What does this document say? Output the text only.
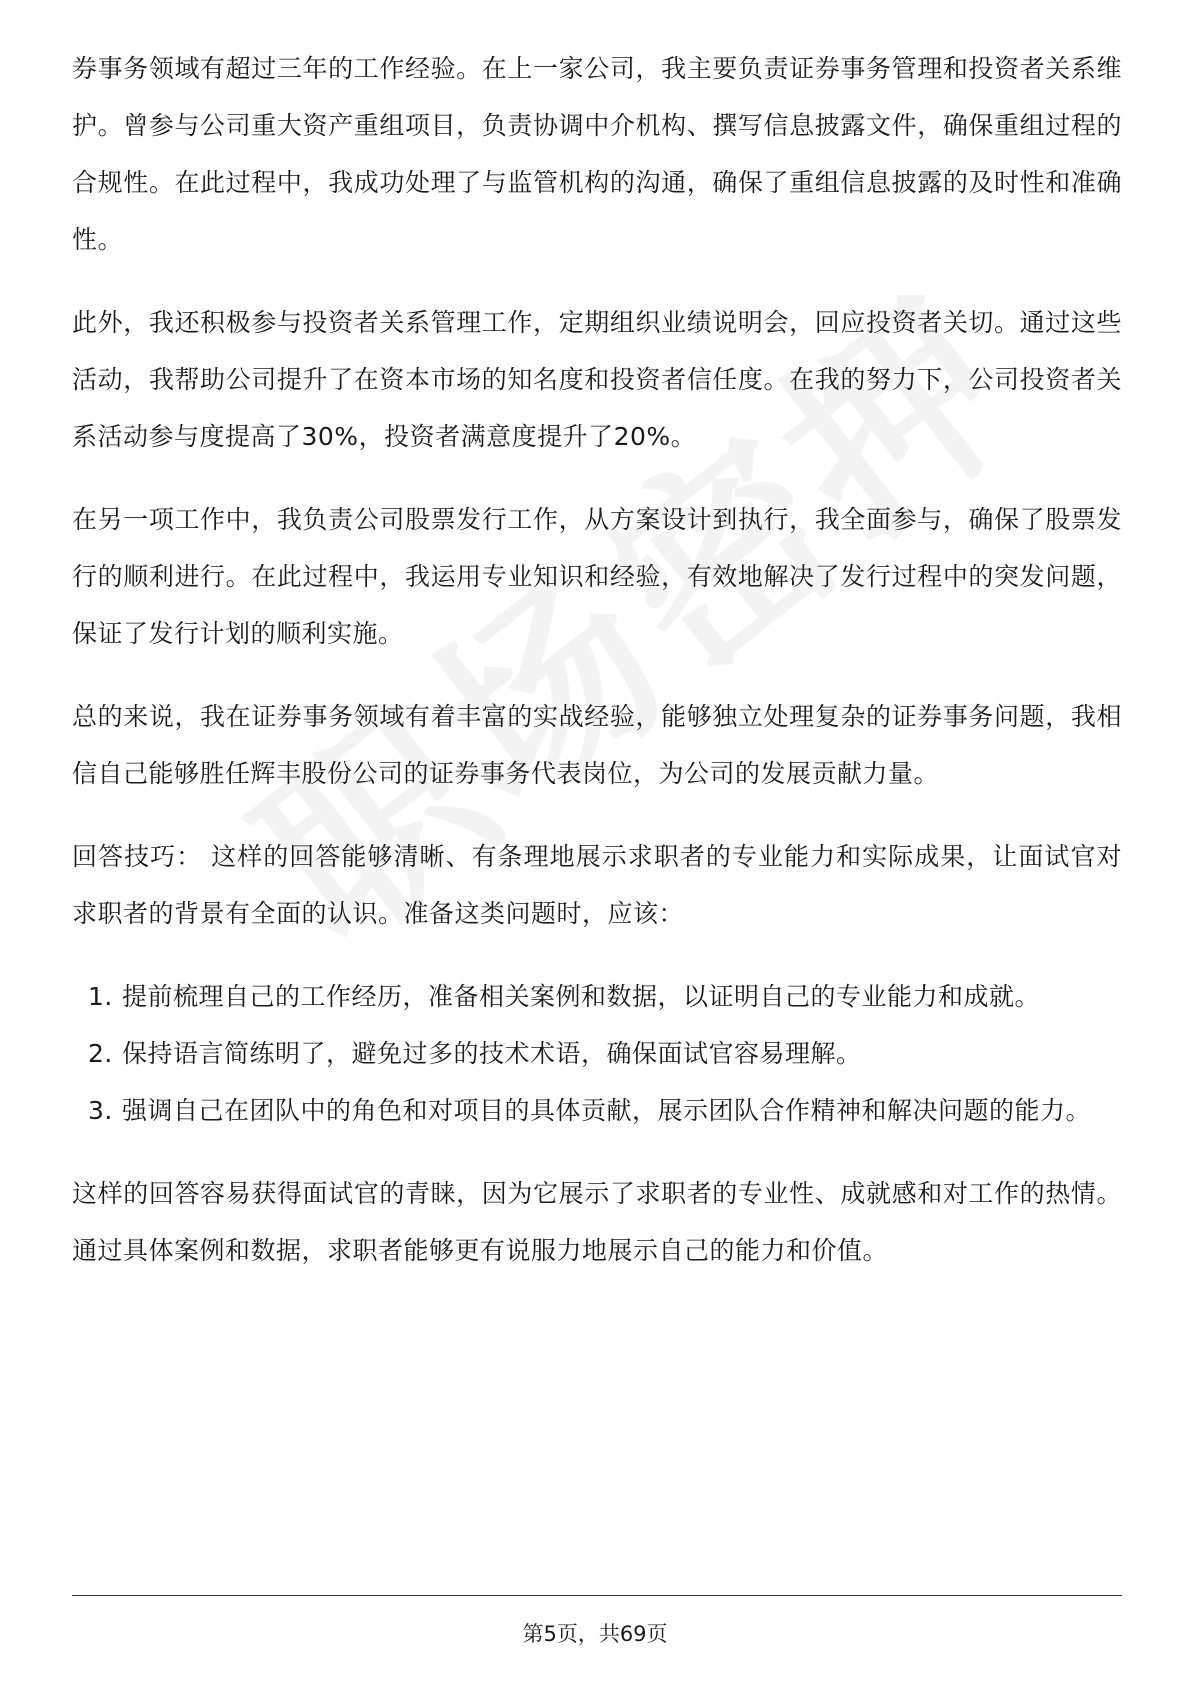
券事务领域有超过三年的工作经验。在上一家公司，我主要负责证券事务管理和投资者关系维护。曾参与公司重大资产重组项目，负责协调中介机构、撰写信息披露文件，确保重组过程的合规性。在此过程中，我成功处理了与监管机构的沟通，确保了重组信息披露的及时性和准确性。

此外，我还积极参与投资者关系管理工作，定期组织业绩说明会，回应投资者关切。通过这些活动，我帮助公司提升了在资本市场的知名度和投资者信任度。在我的努力下，公司投资者关系活动参与度提高了30%，投资者满意度提升了20%。

在另一项工作中，我负责公司股票发行工作，从方案设计到执行，我全面参与，确保了股票发行的顺利进行。在此过程中，我运用专业知识和经验，有效地解决了发行过程中的突发问题，保证了发行计划的顺利实施。

总的来说，我在证券事务领域有着丰富的实战经验，能够独立处理复杂的证券事务问题，我相信自己能够胜任辉丰股份公司的证券事务代表岗位，为公司的发展贡献力量。

回答技巧： 这样的回答能够清晰、有条理地展示求职者的专业能力和实际成果，让面试官对求职者的背景有全面的认识。准备这类问题时，应该：

1. 提前梳理自己的工作经历，准备相关案例和数据，以证明自己的专业能力和成就。
2. 保持语言简练明了，避免过多的技术术语，确保面试官容易理解。
3. 强调自己在团队中的角色和对项目的具体贡献，展示团队合作精神和解决问题的能力。

这样的回答容易获得面试官的青睐，因为它展示了求职者的专业性、成就感和对工作的热情。通过具体案例和数据，求职者能够更有说服力地展示自己的能力和价值。

第5页，共69页
